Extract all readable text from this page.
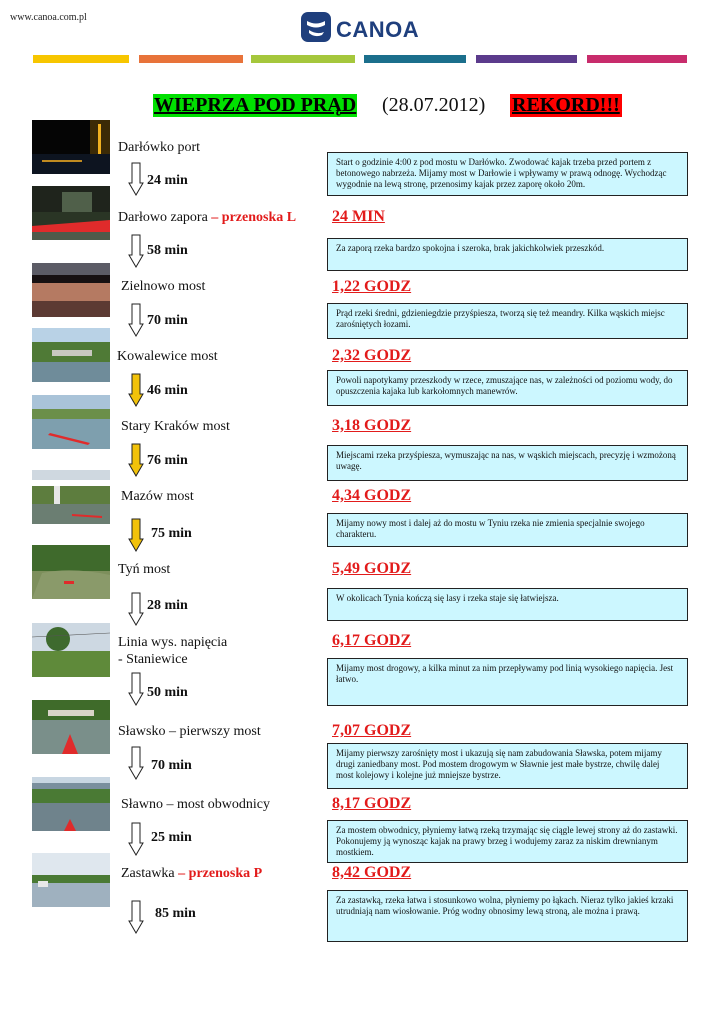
www.canoa.com.pl	CANOA
WIEPRZA POD PRĄD (28.07.2012) REKORD!!!
Darłówko port
Darłowo zapora – przenoska L
Zielnowo most
Kowalewice most
Stary Kraków most
Mazów most
Tyń most
Linia wys. napięcia
- Staniewice
Sławsko – pierwszy most
Sławno – most obwodnicy
Zastawka – przenoska P
24 min
58 min
70 min
46 min
76 min
75 min
28 min
50 min
70 min
25 min
85 min
24 MIN
1,22 GODZ
2,32 GODZ
3,18 GODZ
4,34 GODZ
5,49 GODZ
6,17 GODZ
7,07 GODZ
8,17 GODZ
8,42 GODZ
Start o godzinie 4:00 z pod mostu w Darłówko. Zwodować kajak trzeba przed portem z betonowego nabrzeża. Mijamy most w Darłowie i wpływamy w prawą odnogę. Wychodząc wygodnie na lewą stronę, przenosimy kajak przez zaporę około 20m.
Za zaporą rzeka bardzo spokojna i szeroka, brak jakichkolwiek przeszkód.
Prąd rzeki średni, gdzieniegdzie przyśpiesza, tworzą się też meandry. Kilka wąskich miejsc zarośniętych łozami.
Powoli napotykamy przeszkody w rzece, zmuszające nas, w zależności od poziomu wody, do opuszczenia kajaka lub karkołomnych manewrów.
Miejscami rzeka przyśpiesza, wymuszając na nas, w wąskich miejscach, precyzję i wzmożoną uwagę.
Mijamy nowy most i dalej aż do mostu w Tyniu rzeka nie zmienia specjalnie swojego charakteru.
W okolicach Tynia kończą się lasy i rzeka staje się łatwiejsza.
Mijamy most drogowy, a kilka minut za nim przepływamy pod linią wysokiego napięcia. Jest łatwo.
Mijamy pierwszy zarośnięty most i ukazują się nam zabudowania Sławska, potem mijamy drugi zaniedbany most. Pod mostem drogowym w Sławnie jest małe bystrze, chwilę dalej most kolejowy i kolejne już mniejsze bystrze.
Za mostem obwodnicy, płyniemy łatwą rzeką trzymając się ciągle lewej strony aż do zastawki. Pokonujemy ją wynosząc kajak na prawy brzeg i wodujemy zaraz za niskim drewnianym mostkiem.
Za zastawką, rzeka łatwa i stosunkowo wolna, płyniemy po łąkach. Nieraz tylko jakieś krzaki utrudniają nam wiosłowanie. Próg wodny obnosimy lewą stroną, ale można i prawą.
